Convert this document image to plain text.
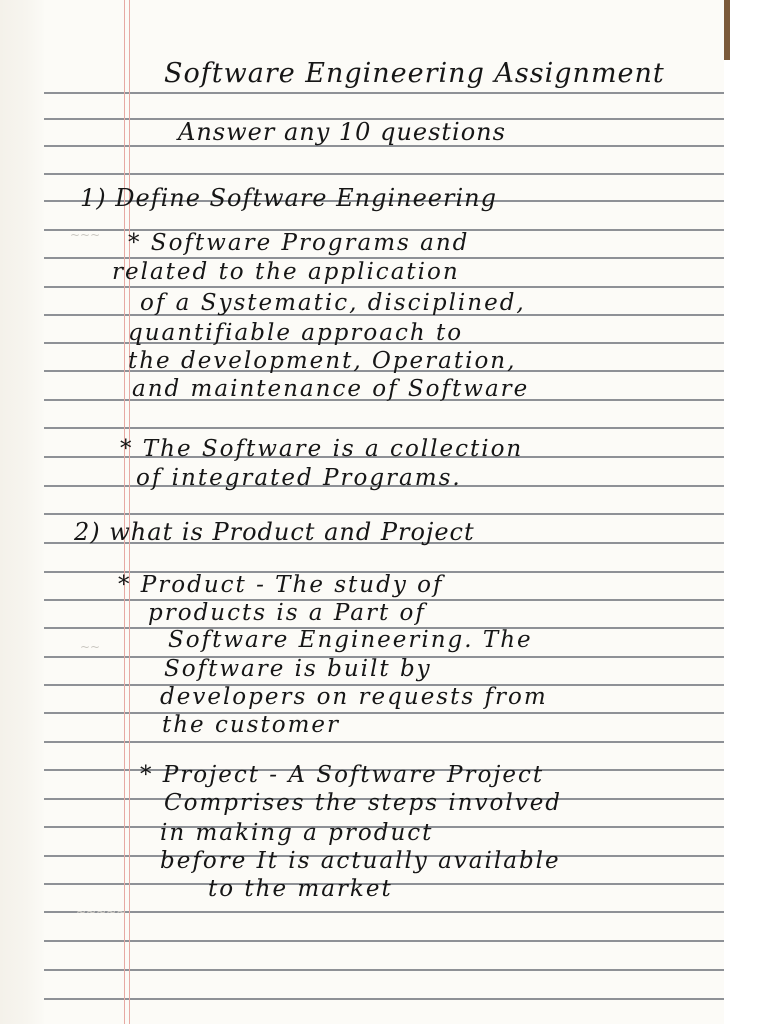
~~~
~~~~~
~~
Software Engineering Assignment
Answer any 10 questions
1) Define Software Engineering
* Software Programs and
related to the application
of a Systematic, disciplined,
quantifiable approach to
the development, Operation,
and maintenance of Software
* The Software is a collection
of integrated Programs.
2) what is Product and Project
* Product - The study of
products is a Part of
Software Engineering. The
Software is built by
developers on requests from
the customer
* Project - A Software Project
Comprises the steps involved
in making a product
before It is actually available
to the market
